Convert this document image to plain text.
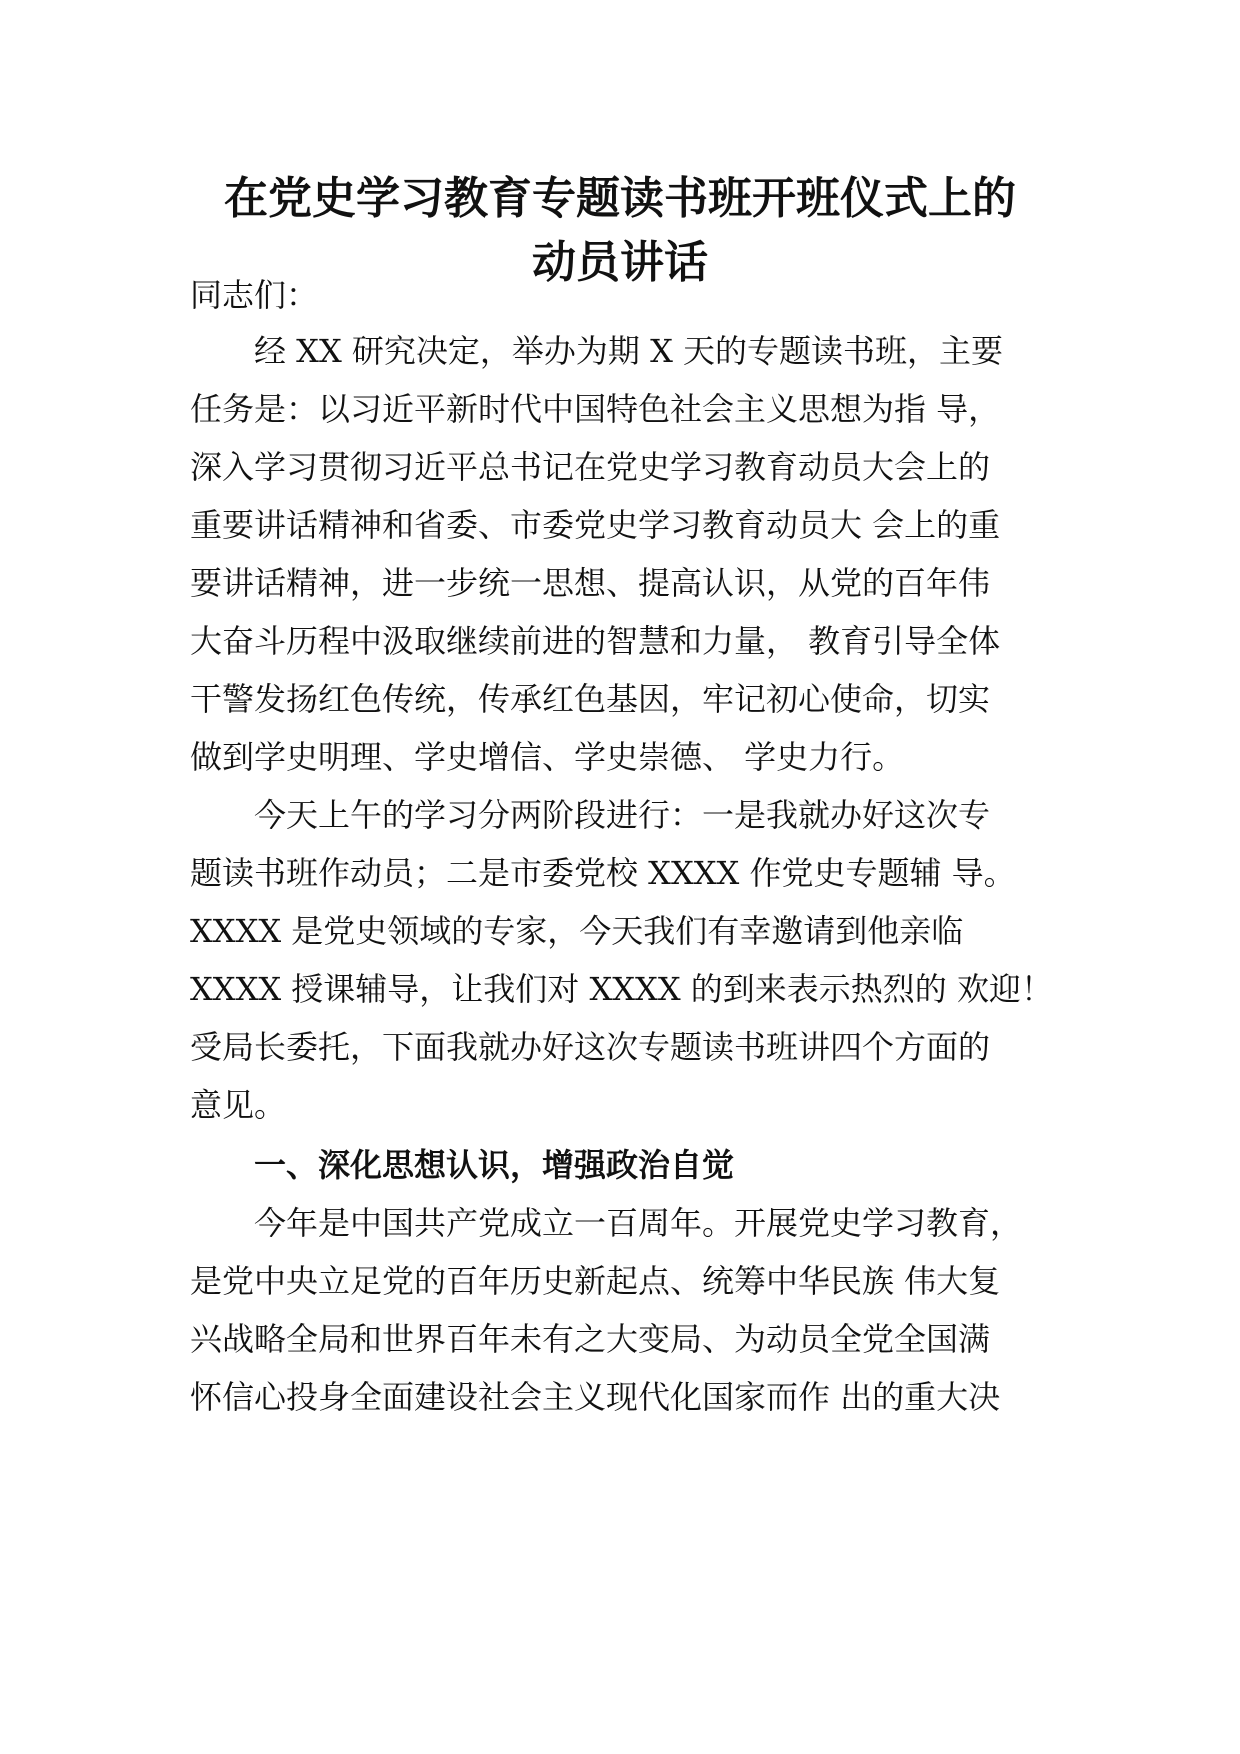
在党史学习教育专题读书班开班仪式上的
动员讲话
同志们：
经 XX 研究决定，举办为期 X 天的专题读书班，主要
任务是：以习近平新时代中国特色社会主义思想为指 导，
深入学习贯彻习近平总书记在党史学习教育动员大会上的
重要讲话精神和省委、市委党史学习教育动员大 会上的重
要讲话精神，进一步统一思想、提高认识，从党的百年伟
大奋斗历程中汲取继续前进的智慧和力量， 教育引导全体
干警发扬红色传统，传承红色基因，牢记初心使命，切实
做到学史明理、学史增信、学史崇德、 学史力行。
今天上午的学习分两阶段进行：一是我就办好这次专
题读书班作动员；二是市委党校 XXXX 作党史专题辅 导。
XXXX 是党史领域的专家，今天我们有幸邀请到他亲临
XXXX 授课辅导，让我们对 XXXX 的到来表示热烈的 欢迎！
受局长委托，下面我就办好这次专题读书班讲四个方面的
意见。
一、深化思想认识，增强政治自觉
今年是中国共产党成立一百周年。开展党史学习教育，
是党中央立足党的百年历史新起点、统筹中华民族 伟大复
兴战略全局和世界百年未有之大变局、为动员全党全国满
怀信心投身全面建设社会主义现代化国家而作 出的重大决
